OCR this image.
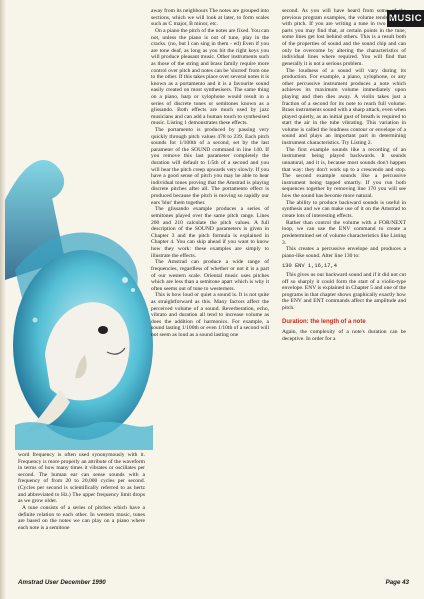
MUSIC

word frequency is often used synonymously with it. Frequency is more properly an attribute of the waveform in terms of how many times it vibrates or oscillates per second. The human ear can sense sounds with a frequency of from 20 to 20,000 cycles per second. (Cycles per second is scientifically referred to as hertz and abbreviated to Hz.) The upper frequency limit drops as we grow older.

A tune consists of a series of pitches which have a definite relation to each other. In western music, tunes are based on the notes we can play on a piano where each note is a semitone

away from its neighbours The notes are grouped into sections, which we will look at later, to form scales such as C major, B minor, etc.

On a piano the pitch of the notes are fixed. You can not, unless the piano is out of tune, play in the cracks. (no, but I can sing in them - ed) Even if you are tone deaf, as long as you hit the right keys you will produce pleasant music. Other instruments such as those of the string and brass family require more control over pitch and notes can be 'slurred' from one to the other. If this takes place over several notes it is known as a portamento and it is a favourite sound easily created on most synthesisers. The same thing on a piano, harp or xylophone would result in a series of discrete tones or semitones known as a glissando. Both effects are much used by jazz musicians and can add a human touch to synthesised music. Listing 1 demonstrates these effects.

The portamento is produced by passing very quickly through pitch values 478 to 239. Each pitch sounds for 1/100th of a second, set by the last parameter of the SOUND command in line 140. If you remove this last parameter completely the duration will default to 1/5th of a second and you will hear the pitch creep upwards very slowly. If you have a good sense of pitch you may be able to hear individual tones proving that the Amstrad is playing discrete pitches after all. The portamento effect is produced because the pitch is moving so rapidly our ears 'blur' them together.

The glissando example produces a series of semitones played over the same pitch range. Lines 200 and 210 calculate the pitch values. A full description of the SOUND parameters is given in Chapter 3 and the pitch formula is explained in Chapter 4. You can skip ahead if you want to know how they work: these examples are simply to illustrate the effects.

The Amstrad can produce a wide range of frequencies, regardless of whether or not it is a part of our western scale. Oriental music uses pitches which are less than a semitone apart which is why it often seems out of tune to westerners.

This is how loud or quiet a sound is. It is not quite as straightforward as this. Many factors affect the perceived volume of a sound. Reverberation, echo, vibrato and duration all tend to increase volume as does the addition of harmonics. For example, a sound lasting 1/100th or even 1/10th of a second will not seem as loud as a sound lasting one

second. As you will have heard from some of the previous program examples, the volume tends to alter with pitch. If you are writing a tune in two or three parts you may find that, at certain points in the tune, some lines get lost behind others. This is a result both of the properties of sound and the sound chip and can only be overcome by altering the characteristics of individual lines where required. You will find that generally it is not a serious problem.

The loudness of a sound will vary during its production. For example, a piano, xylophone, or any other percussive instrument produces a note which achieves its maximum volume immediately upon playing and then dies away. A violin takes just a fraction of a second for its note to reach full volume. Brass instruments sound with a sharp attack, even when played quietly, as an initial gust of breath is required to start the air in the tube vibrating. This variation in volume is called the loudness contour or envelope of a sound and plays an important part in determining instrument characteristics. Try Listing 2.

The first example sounds like a recording of an instrument being played backwards. It sounds unnatural, and it is, because most sounds don't happen that way: they don't work up to a crescendo and stop. The second example sounds like a percussive instrument being tapped smartly. If you run both sequences together by removing line 170 you will see how the sound has become more natural.

The ability to produce backward sounds is useful in synthesis and we can make use of it on the Amstrad to create lots of interesting effects.

Rather than control the volume with a FOR/NEXT loop, we can use the ENV command to create a predetermined set of volume characteristics like Listing 3.

This creates a percussive envelope and produces a piano-like sound. Alter line 130 to:

130 ENV 1,16,17,4

This gives us our backward sound and if it did not cut off so sharply it could form the start of a violin-type envelope. ENV is explained in Chapter 5 and one of the programs in that chapter shows graphically exactly how the ENV and ENT commands affect the amplitude and pitch.

Duration: the length of a note

Again, the complexity of a note's duration can be deceptive. In order for a

Amstrad User December 1990	Page 43
